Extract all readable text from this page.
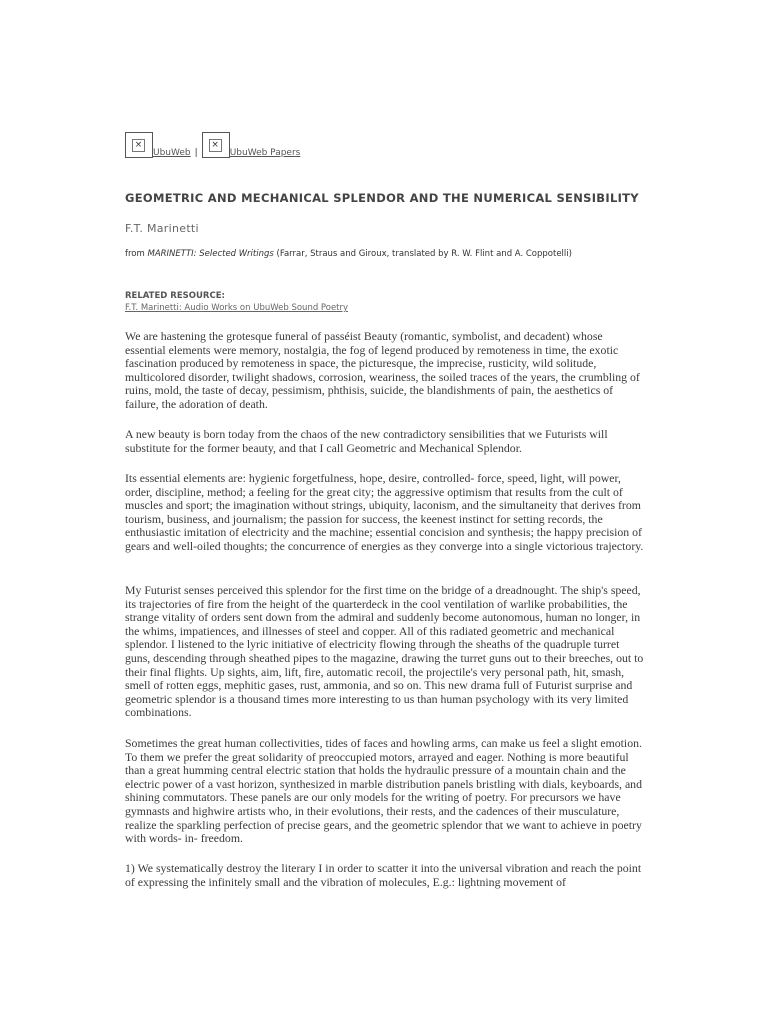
×
UbuWeb |
×
UbuWeb Papers
GEOMETRIC AND MECHANICAL SPLENDOR AND THE NUMERICAL SENSIBILITY
F.T. Marinetti
from MARINETTI: Selected Writings (Farrar, Straus and Giroux, translated by R. W. Flint and A. Coppotelli)
RELATED RESOURCE:
F.T. Marinetti: Audio Works on UbuWeb Sound Poetry

We are hastening the grotesque funeral of passéist Beauty (romantic, symbolist, and decadent) whose essential elements were memory, nostalgia, the fog of legend produced by remoteness in time, the exotic fascination produced by remoteness in space, the picturesque, the imprecise, rusticity, wild solitude, multicolored disorder, twilight shadows, corrosion, weariness, the soiled traces of the years, the crumbling of ruins, mold, the taste of decay, pessimism, phthisis, suicide, the blandishments of pain, the aesthetics of failure, the adoration of death.

A new beauty is born today from the chaos of the new contradictory sensibilities that we Futurists will substitute for the former beauty, and that I call Geometric and Mechanical Splendor.

Its essential elements are: hygienic forgetfulness, hope, desire, controlled- force, speed, light, will power, order, discipline, method; a feeling for the great city; the aggressive optimism that results from the cult of muscles and sport; the imagination without strings, ubiquity, laconism, and the simultaneity that derives from tourism, business, and journalism; the passion for success, the keenest instinct for setting records, the enthusiastic imitation of electricity and the machine; essential concision and synthesis; the happy precision of gears and well-oiled thoughts; the concurrence of energies as they converge into a single victorious trajectory.

My Futurist senses perceived this splendor for the first time on the bridge of a dreadnought. The ship's speed, its trajectories of fire from the height of the quarterdeck in the cool ventilation of warlike probabilities, the strange vitality of orders sent down from the admiral and suddenly become autonomous, human no longer, in the whims, impatiences, and illnesses of steel and copper. All of this radiated geometric and mechanical splendor. I listened to the lyric initiative of electricity flowing through the sheaths of the quadruple turret guns, descending through sheathed pipes to the magazine, drawing the turret guns out to their breeches, out to their final flights. Up sights, aim, lift, fire, automatic recoil, the projectile's very personal path, hit, smash, smell of rotten eggs, mephitic gases, rust, ammonia, and so on. This new drama full of Futurist surprise and geometric splendor is a thousand times more interesting to us than human psychology with its very limited combinations.

Sometimes the great human collectivities, tides of faces and howling arms, can make us feel a slight emotion. To them we prefer the great solidarity of preoccupied motors, arrayed and eager. Nothing is more beautiful than a great humming central electric station that holds the hydraulic pressure of a mountain chain and the electric power of a vast horizon, synthesized in marble distribution panels bristling with dials, keyboards, and shining commutators. These panels are our only models for the writing of poetry. For precursors we have gymnasts and highwire artists who, in their evolutions, their rests, and the cadences of their musculature, realize the sparkling perfection of precise gears, and the geometric splendor that we want to achieve in poetry with words- in- freedom.

1) We systematically destroy the literary I in order to scatter it into the universal vibration and reach the point of expressing the infinitely small and the vibration of molecules, E.g.: lightning movement of
